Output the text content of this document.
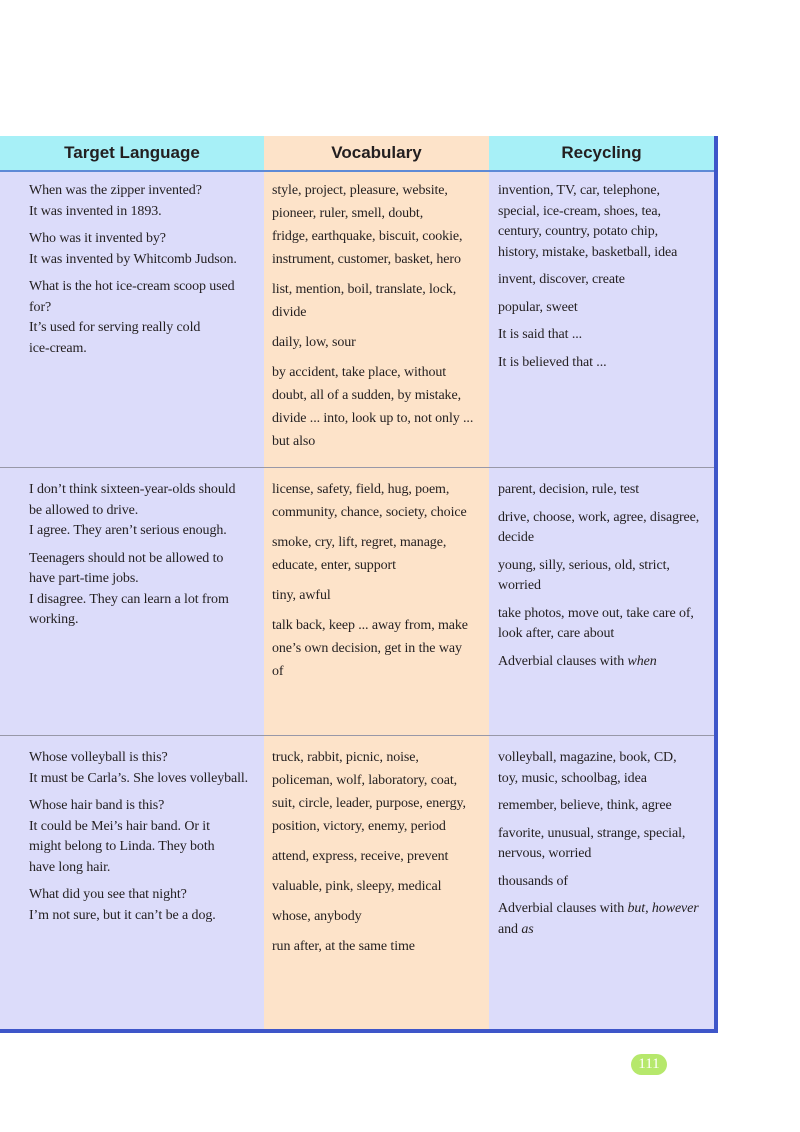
Target Language	Vocabulary	Recycling

When was the zipper invented?
It was invented in 1893.

Who was it invented by?
It was invented by Whitcomb Judson.

What is the hot ice-cream scoop used
for?
It’s used for serving really cold
ice-cream.

style, project, pleasure, website,
pioneer, ruler, smell, doubt,
fridge, earthquake, biscuit, cookie,
instrument, customer, basket, hero

list, mention, boil, translate, lock,
divide

daily, low, sour

by accident, take place, without
doubt, all of a sudden, by mistake,
divide ... into, look up to, not only ...
but also

invention, TV, car, telephone,
special, ice-cream, shoes, tea,
century, country, potato chip,
history, mistake, basketball, idea

invent, discover, create

popular, sweet

It is said that ...

It is believed that ...

I don’t think sixteen-year-olds should
be allowed to drive.
I agree. They aren’t serious enough.

Teenagers should not be allowed to
have part-time jobs.
I disagree. They can learn a lot from
working.

license, safety, field, hug, poem,
community, chance, society, choice

smoke, cry, lift, regret, manage,
educate, enter, support

tiny, awful

talk back, keep ... away from, make
one’s own decision, get in the way
of

parent, decision, rule, test

drive, choose, work, agree, disagree,
decide

young, silly, serious, old, strict,
worried

take photos, move out, take care of,
look after, care about

Adverbial clauses with when

Whose volleyball is this?
It must be Carla’s. She loves volleyball.

Whose hair band is this?
It could be Mei’s hair band. Or it
might belong to Linda. They both
have long hair.

What did you see that night?
I’m not sure, but it can’t be a dog.

truck, rabbit, picnic, noise,
policeman, wolf, laboratory, coat,
suit, circle, leader, purpose, energy,
position, victory, enemy, period

attend, express, receive, prevent

valuable, pink, sleepy, medical

whose, anybody

run after, at the same time

volleyball, magazine, book, CD,
toy, music, schoolbag, idea

remember, believe, think, agree

favorite, unusual, strange, special,
nervous, worried

thousands of

Adverbial clauses with but, however
and as

111
